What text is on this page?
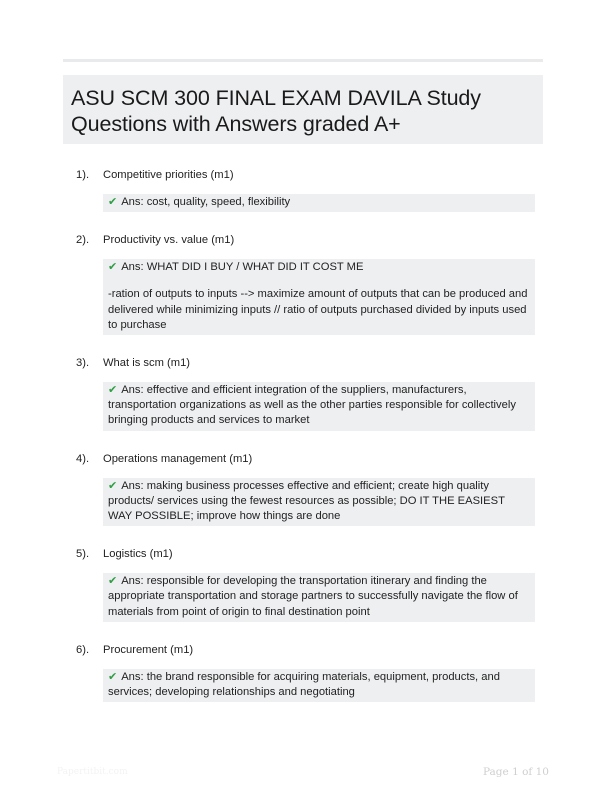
ASU SCM 300 FINAL EXAM DAVILA Study Questions with Answers graded A+
1). Competitive priorities (m1)

✔ Ans: cost, quality, speed, flexibility

2). Productivity vs. value (m1)

✔ Ans: WHAT DID I BUY / WHAT DID IT COST ME

-ration of outputs to inputs --> maximize amount of outputs that can be produced and delivered while minimizing inputs // ratio of outputs purchased divided by inputs used to purchase

3). What is scm (m1)

✔ Ans: effective and efficient integration of the suppliers, manufacturers, transportation organizations as well as the other parties responsible for collectively bringing products and services to market

4). Operations management (m1)

✔ Ans: making business processes effective and efficient; create high quality products/ services using the fewest resources as possible; DO IT THE EASIEST WAY POSSIBLE; improve how things are done

5). Logistics (m1)

✔ Ans: responsible for developing the transportation itinerary and finding the appropriate transportation and storage partners to successfully navigate the flow of materials from point of origin to final destination point

6). Procurement (m1)

✔ Ans: the brand responsible for acquiring materials, equipment, products, and services; developing relationships and negotiating

Papertitbit.com	Page 1 of 10
